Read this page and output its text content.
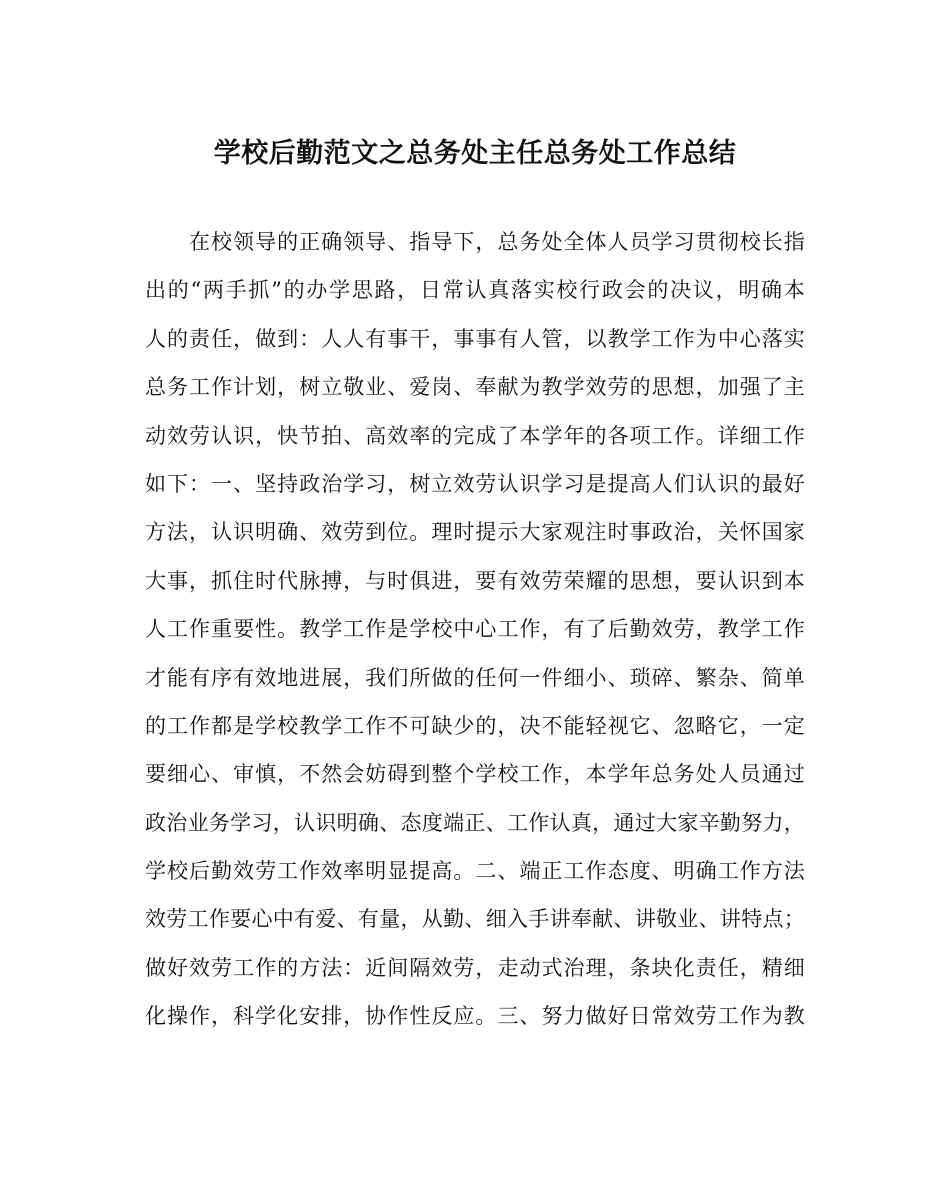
学校后勤范文之总务处主任总务处工作总结
在校领导的正确领导、指导下，总务处全体人员学习贯彻校长指
出的“两手抓”的办学思路，日常认真落实校行政会的决议，明确本
人的责任，做到：人人有事干，事事有人管，以教学工作为中心落实
总务工作计划，树立敬业、爱岗、奉献为教学效劳的思想，加强了主
动效劳认识，快节拍、高效率的完成了本学年的各项工作。详细工作
如下：一、坚持政治学习，树立效劳认识学习是提高人们认识的最好
方法，认识明确、效劳到位。理时提示大家观注时事政治，关怀国家
大事，抓住时代脉搏，与时俱进，要有效劳荣耀的思想，要认识到本
人工作重要性。教学工作是学校中心工作，有了后勤效劳，教学工作
才能有序有效地进展，我们所做的任何一件细小、琐碎、繁杂、简单
的工作都是学校教学工作不可缺少的，决不能轻视它、忽略它，一定
要细心、审慎，不然会妨碍到整个学校工作，本学年总务处人员通过
政治业务学习，认识明确、态度端正、工作认真，通过大家辛勤努力，
学校后勤效劳工作效率明显提高。二、端正工作态度、明确工作方法
效劳工作要心中有爱、有量，从勤、细入手讲奉献、讲敬业、讲特点；
做好效劳工作的方法：近间隔效劳，走动式治理，条块化责任，精细
化操作，科学化安排，协作性反应。三、努力做好日常效劳工作为教
